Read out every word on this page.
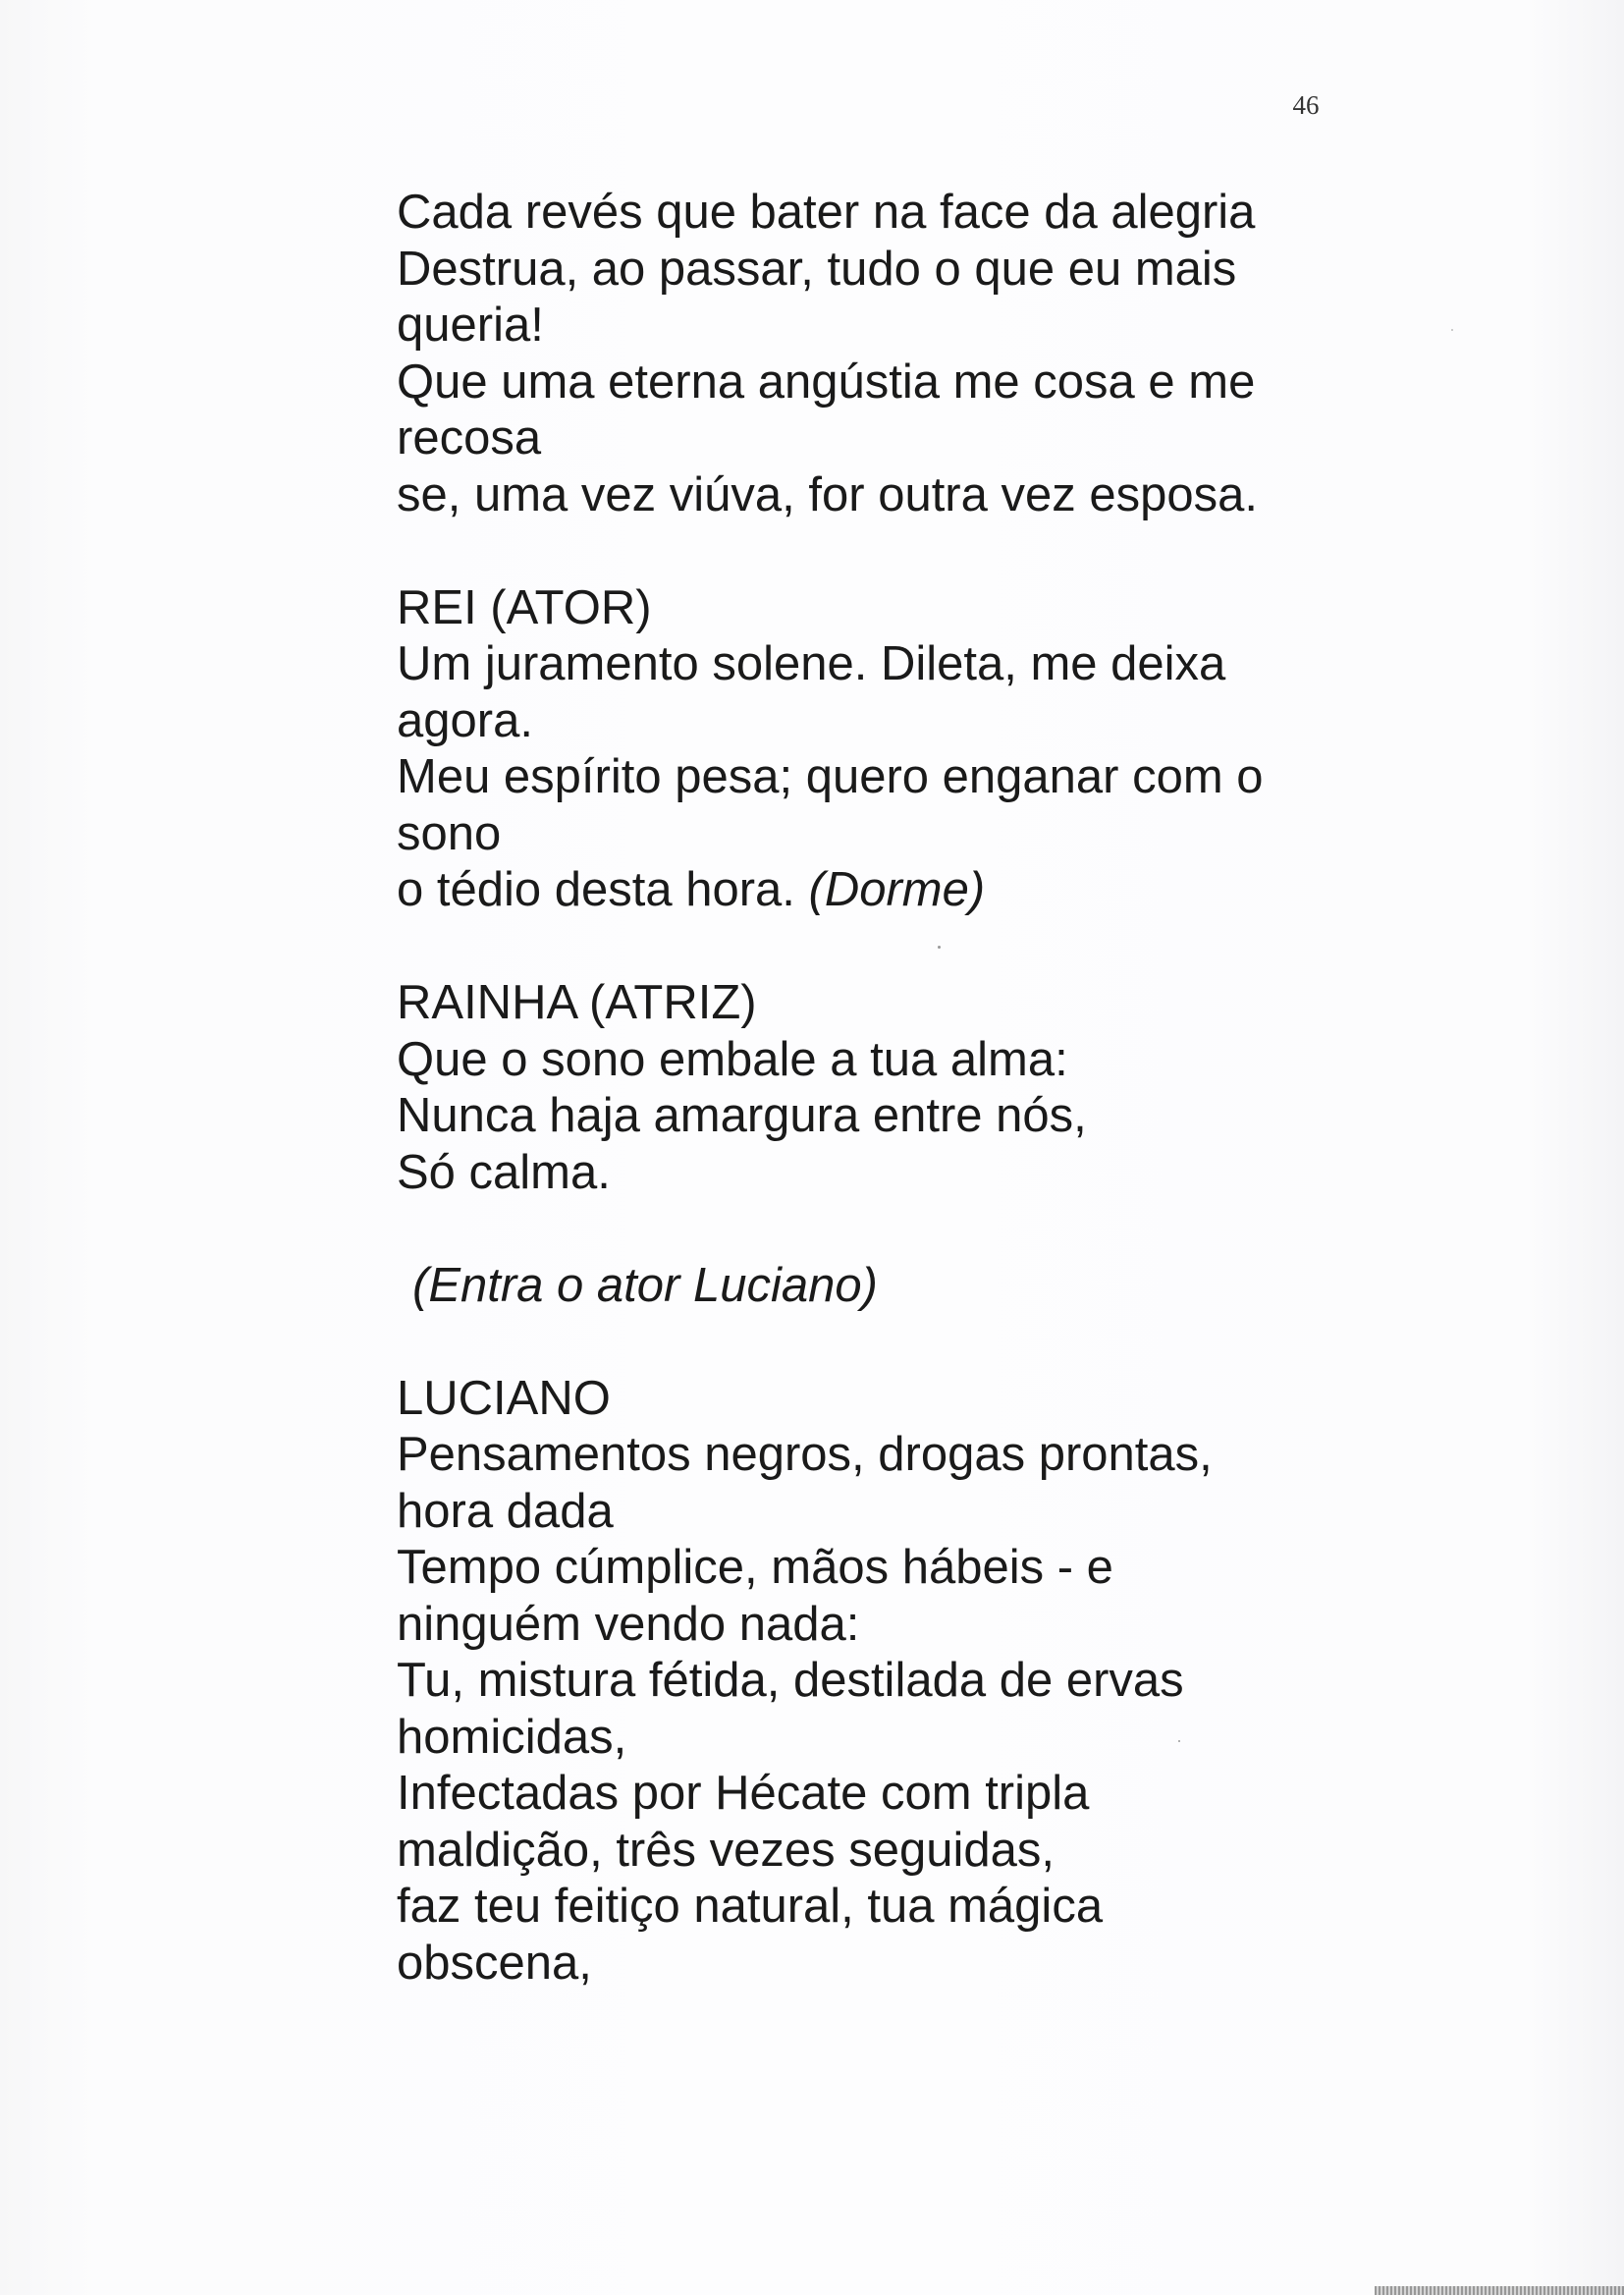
46
Cada revés que bater na face da alegria
Destrua, ao passar, tudo o que eu mais
queria!
Que uma eterna angústia me cosa e me
recosa
se, uma vez viúva, for outra vez esposa.
REI (ATOR)
Um juramento solene. Dileta, me deixa
agora.
Meu espírito pesa; quero enganar com o
sono
o tédio desta hora. (Dorme)
RAINHA (ATRIZ)
Que o sono embale a tua alma:
Nunca haja amargura entre nós,
Só calma.
(Entra o ator Luciano)
LUCIANO
Pensamentos negros, drogas prontas,
hora dada
Tempo cúmplice, mãos hábeis - e
ninguém vendo nada:
Tu, mistura fétida, destilada de ervas
homicidas,
Infectadas por Hécate com tripla
maldição, três vezes seguidas,
faz teu feitiço natural, tua mágica
obscena,
